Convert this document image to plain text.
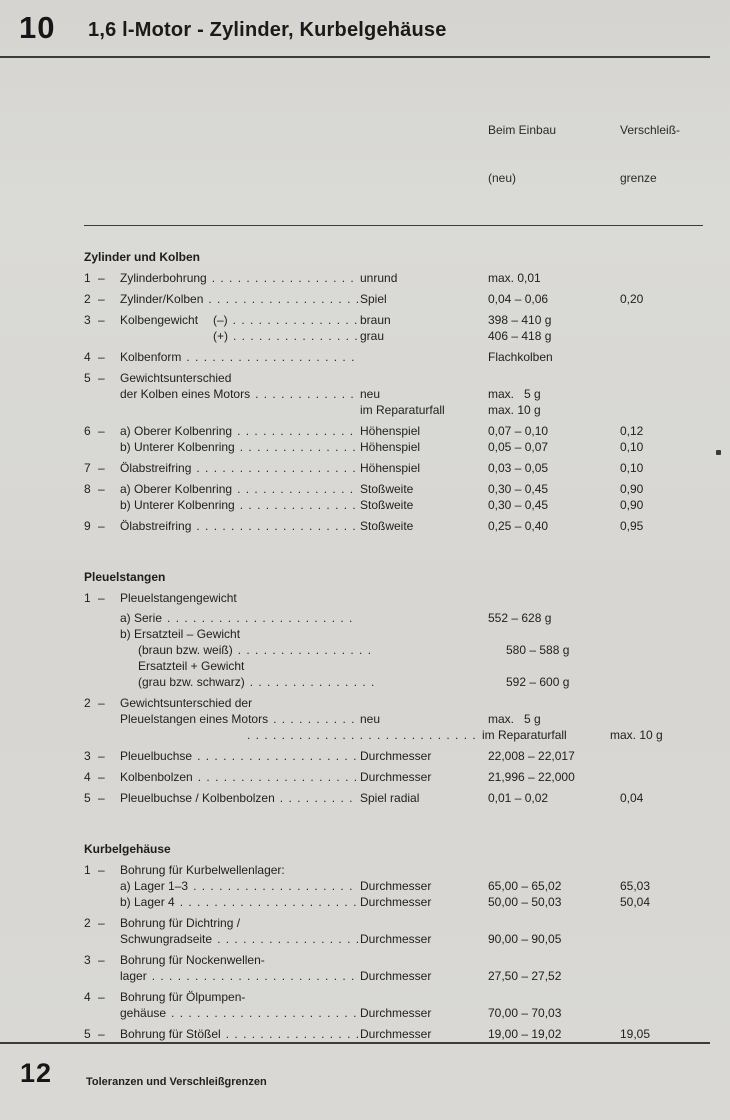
10 1,6 l-Motor - Zylinder, Kurbelgehäuse

Beim Einbau

(neu)

Verschleiß-

grenze

Zylinder und Kolben
1 –	Zylinderbohrung . . .	unrund	max. 0,01
2 –	Zylinder/Kolben . . .	Spiel	0,04 – 0,06	0,20
3 –	Kolbengewicht	(–) . . .	braun	398 – 410 g
(+) . . .	grau	406 – 418 g
4 –	Kolbenform . . .	Flachkolben
5 –	Gewichtsunterschied
der Kolben eines Motors . . .	neu	max.   5 g
im Reparaturfall	max. 10 g
6 –	a) Oberer Kolbenring . . .	Höhenspiel	0,07 – 0,10	0,12
b) Unterer Kolbenring . . .	Höhenspiel	0,05 – 0,07	0,10
7 –	Ölabstreifring . . .	Höhenspiel	0,03 – 0,05	0,10
8 –	a) Oberer Kolbenring . . .	Stoßweite	0,30 – 0,45	0,90
b) Unterer Kolbenring . . .	Stoßweite	0,30 – 0,45	0,90
9 –	Ölabstreifring . . .	Stoßweite	0,25 – 0,40	0,95
Pleuelstangen
1 –	Pleuelstangengewicht
a) Serie . . .	552 – 628 g
b) Ersatzteil – Gewicht
(braun bzw. weiß) . . .	580 – 588 g
Ersatzteil + Gewicht
(grau bzw. schwarz) . . .	592 – 600 g
2 –	Gewichtsunterschied der
Pleuelstangen eines Motors . . .	neu	max.   5 g
. . .
im Reparaturfall	max. 10 g
3 –	Pleuelbuchse . . .	Durchmesser	22,008 – 22,017
4 –	Kolbenbolzen . . .	Durchmesser	21,996 – 22,000
5 –	Pleuelbuchse / Kolbenbolzen . . .	Spiel radial	0,01 – 0,02	0,04
Kurbelgehäuse
1 –	Bohrung für Kurbelwellenlager:
a) Lager 1–3 . . .	Durchmesser	65,00 – 65,02	65,03
b) Lager 4 . . .	Durchmesser	50,00 – 50,03	50,04
2 –	Bohrung für Dichtring /
Schwungradseite . . .	Durchmesser	90,00 – 90,05
3 –	Bohrung für Nockenwellen-
lager . . .	Durchmesser	27,50 – 27,52
4 –	Bohrung für Ölpumpen-
gehäuse . . .	Durchmesser	70,00 – 70,03
5 –	Bohrung für Stößel . . .	Durchmesser	19,00 – 19,02	19,05
12	Toleranzen und Verschleißgrenzen
